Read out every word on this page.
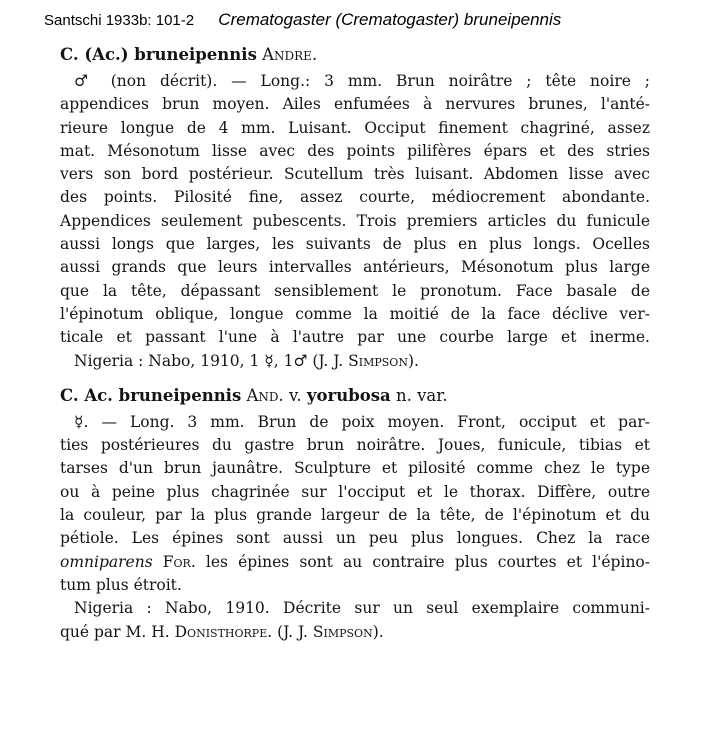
Santschi 1933b: 101-2 Crematogaster (Crematogaster) bruneipennis
C. (Ac.) bruneipennis Andre.
♂ (non décrit). — Long.: 3 mm. Brun noirâtre ; tête noire ;
appendices brun moyen. Ailes enfumées à nervures brunes, l'anté-
rieure longue de 4 mm. Luisant. Occiput finement chagriné, assez
mat. Mésonotum lisse avec des points pilifères épars et des stries
vers son bord postérieur. Scutellum très luisant. Abdomen lisse avec
des points. Pilosité fine, assez courte, médiocrement abondante.
Appendices seulement pubescents. Trois premiers articles du funicule
aussi longs que larges, les suivants de plus en plus longs. Ocelles
aussi grands que leurs intervalles antérieurs, Mésonotum plus large
que la tête, dépassant sensiblement le pronotum. Face basale de
l'épinotum oblique, longue comme la moitié de la face déclive ver-
ticale et passant l'une à l'autre par une courbe large et inerme.
Nigeria : Nabo, 1910, 1 ☿, 1♂ (J. J. Simpson).
C. Ac. bruneipennis And. v. yorubosa n. var.
☿. — Long. 3 mm. Brun de poix moyen. Front, occiput et par-
ties postérieures du gastre brun noirâtre. Joues, funicule, tibias et
tarses d'un brun jaunâtre. Sculpture et pilosité comme chez le type
ou à peine plus chagrinée sur l'occiput et le thorax. Diffère, outre
la couleur, par la plus grande largeur de la tête, de l'épinotum et du
pétiole. Les épines sont aussi un peu plus longues. Chez la race
omniparens For. les épines sont au contraire plus courtes et l'épino-
tum plus étroit.
Nigeria : Nabo, 1910. Décrite sur un seul exemplaire communi-
qué par M. H. Donisthorpe. (J. J. Simpson).
